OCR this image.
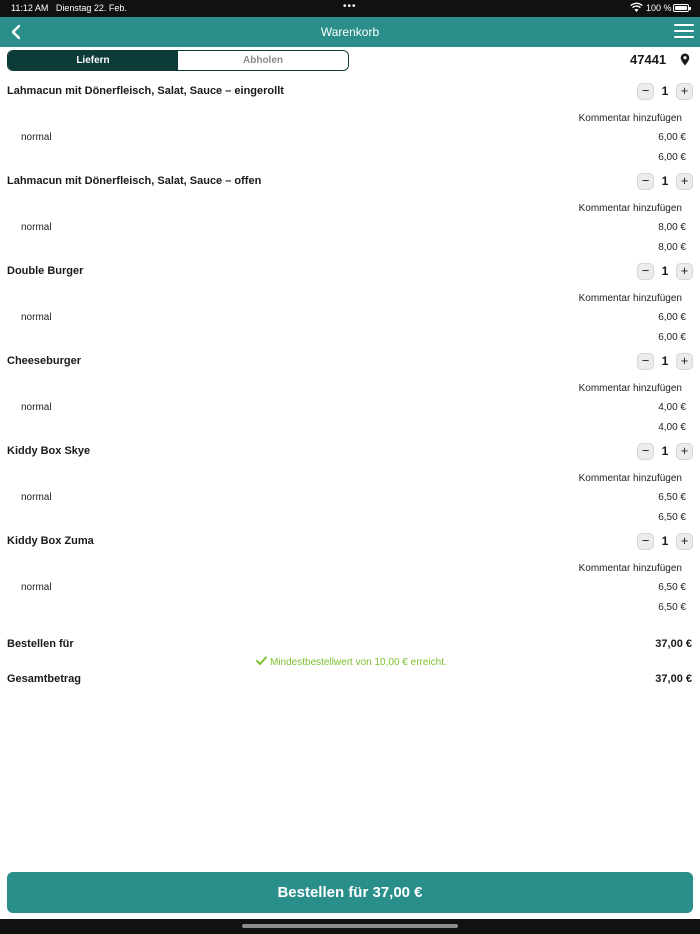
11:12 AM Dienstag 22. Feb.	•••	100 %
Warenkorb
Liefern	Abholen	47441
Lahmacun mit Dönerfleisch, Salat, Sauce – eingerollt	−	1 +
Kommentar hinzufügen
normal	6,00 €
6,00 €
Lahmacun mit Dönerfleisch, Salat, Sauce – offen	−	1 +
Kommentar hinzufügen
normal	8,00 €
8,00 €
Double Burger	−	1 +
Kommentar hinzufügen
normal	6,00 €
6,00 €
Cheeseburger	−	1 +
Kommentar hinzufügen
normal	4,00 €
4,00 €
Kiddy Box Skye	−	1 +
Kommentar hinzufügen
normal	6,50 €
6,50 €
Kiddy Box Zuma	−	1 +
Kommentar hinzufügen
normal	6,50 €
6,50 €
Bestellen für	37,00 €
Mindestbestellwert von 10,00 € erreicht.
Gesamtbetrag	37,00 €
Bestellen für 37,00 €
